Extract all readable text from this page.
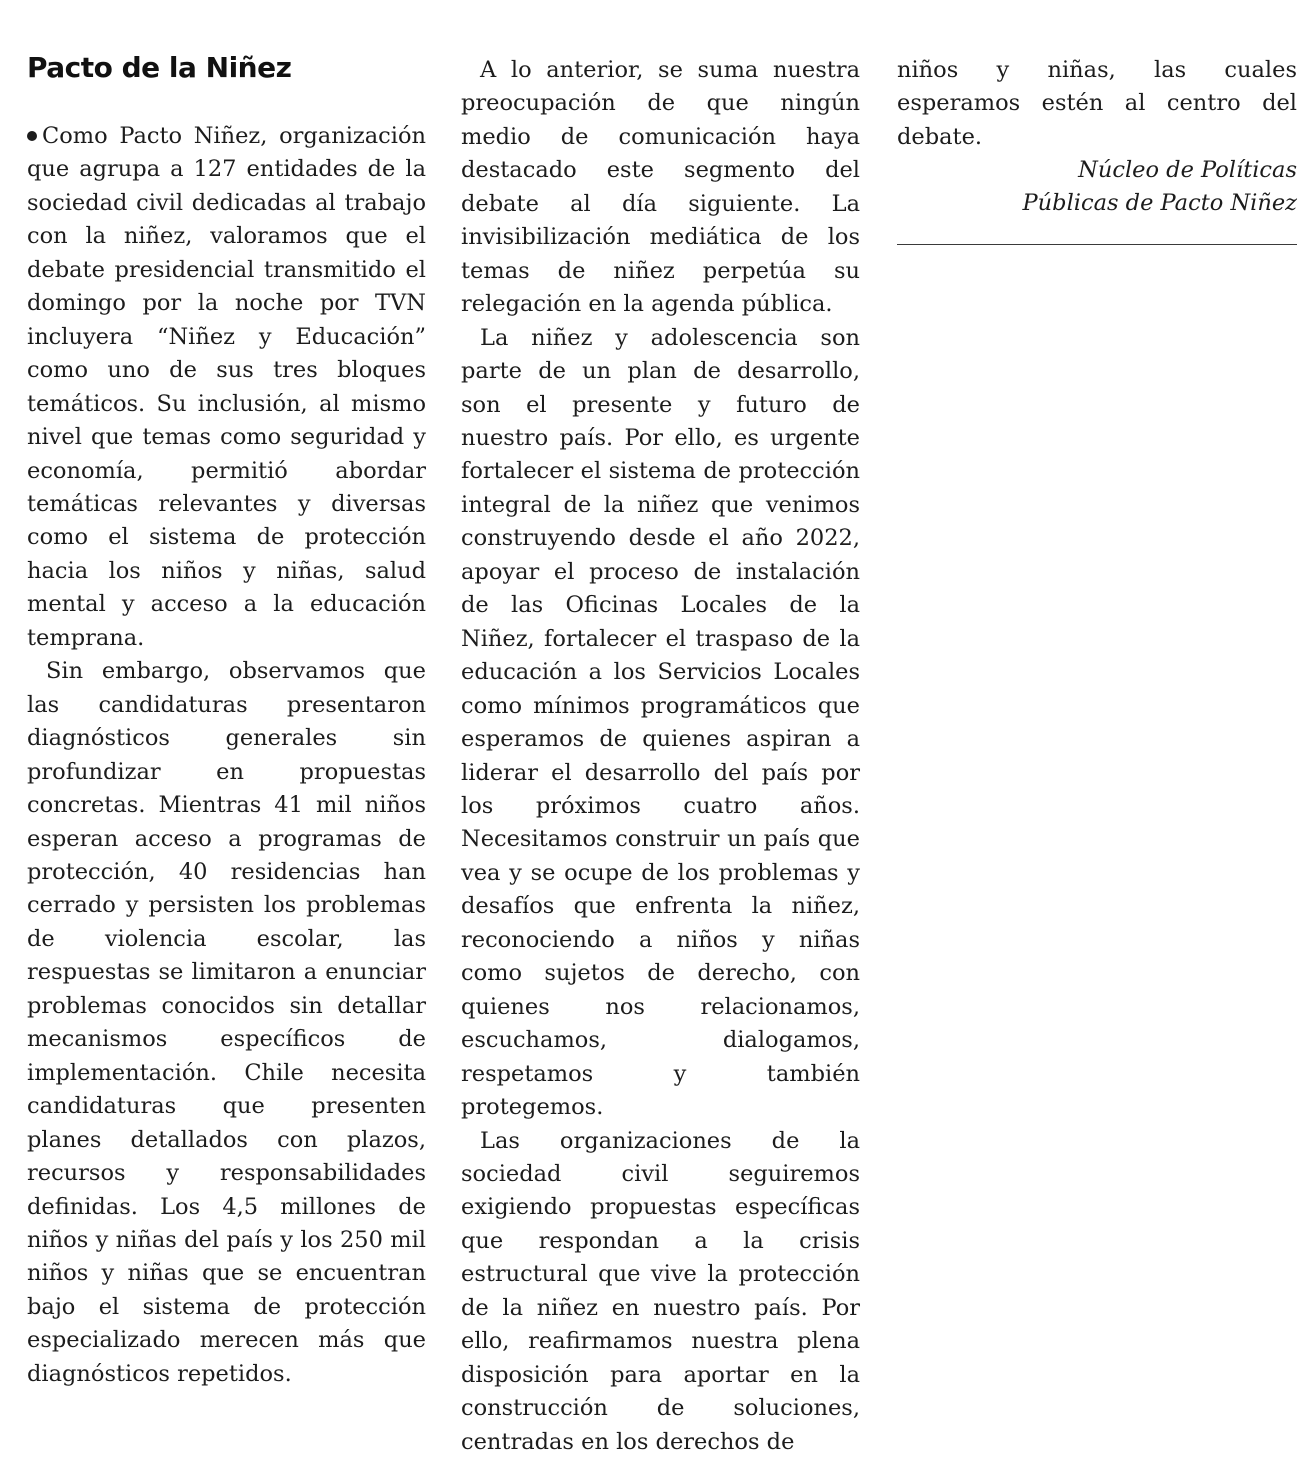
Pacto de la Niñez

Como Pacto Niñez, organización que agrupa a 127 entidades de la sociedad civil dedicadas al trabajo con la niñez, valoramos que el debate presidencial transmitido el domingo por la noche por TVN incluyera “Niñez y Educación” como uno de sus tres bloques temáticos. Su inclusión, al mismo nivel que temas como seguridad y economía, permitió abordar temáticas relevantes y diversas como el sistema de protección hacia los niños y niñas, salud mental y acceso a la educación temprana.

Sin embargo, observamos que las candidaturas presentaron diagnósticos generales sin profundizar en propuestas concretas. Mientras 41 mil niños esperan acceso a programas de protección, 40 residencias han cerrado y persisten los problemas de violencia escolar, las respuestas se limitaron a enunciar problemas conocidos sin detallar mecanismos específicos de implementación. Chile necesita candidaturas que presenten planes detallados con plazos, recursos y responsabilidades definidas. Los 4,5 millones de niños y niñas del país y los 250 mil niños y niñas que se encuentran bajo el sistema de protección especializado merecen más que diagnósticos repetidos.

A lo anterior, se suma nuestra preocupación de que ningún medio de comunicación haya destacado este segmento del debate al día siguiente. La invisibilización mediática de los temas de niñez perpetúa su relegación en la agenda pública.

La niñez y adolescencia son parte de un plan de desarrollo, son el presente y futuro de nuestro país. Por ello, es urgente fortalecer el sistema de protección integral de la niñez que venimos construyendo desde el año 2022, apoyar el proceso de instalación de las Oficinas Locales de la Niñez, fortalecer el traspaso de la educación a los Servicios Locales como mínimos programáticos que esperamos de quienes aspiran a liderar el desarrollo del país por los próximos cuatro años. Necesitamos construir un país que vea y se ocupe de los problemas y desafíos que enfrenta la niñez, reconociendo a niños y niñas como sujetos de derecho, con quienes nos relacionamos, escuchamos, dialogamos, respetamos y también protegemos.

Las organizaciones de la sociedad civil seguiremos exigiendo propuestas específicas que respondan a la crisis estructural que vive la protección de la niñez en nuestro país. Por ello, reafirmamos nuestra plena disposición para aportar en la construcción de soluciones, centradas en los derechos de

niños y niñas, las cuales esperamos estén al centro del debate.

Núcleo de Políticas
Públicas de Pacto Niñez
